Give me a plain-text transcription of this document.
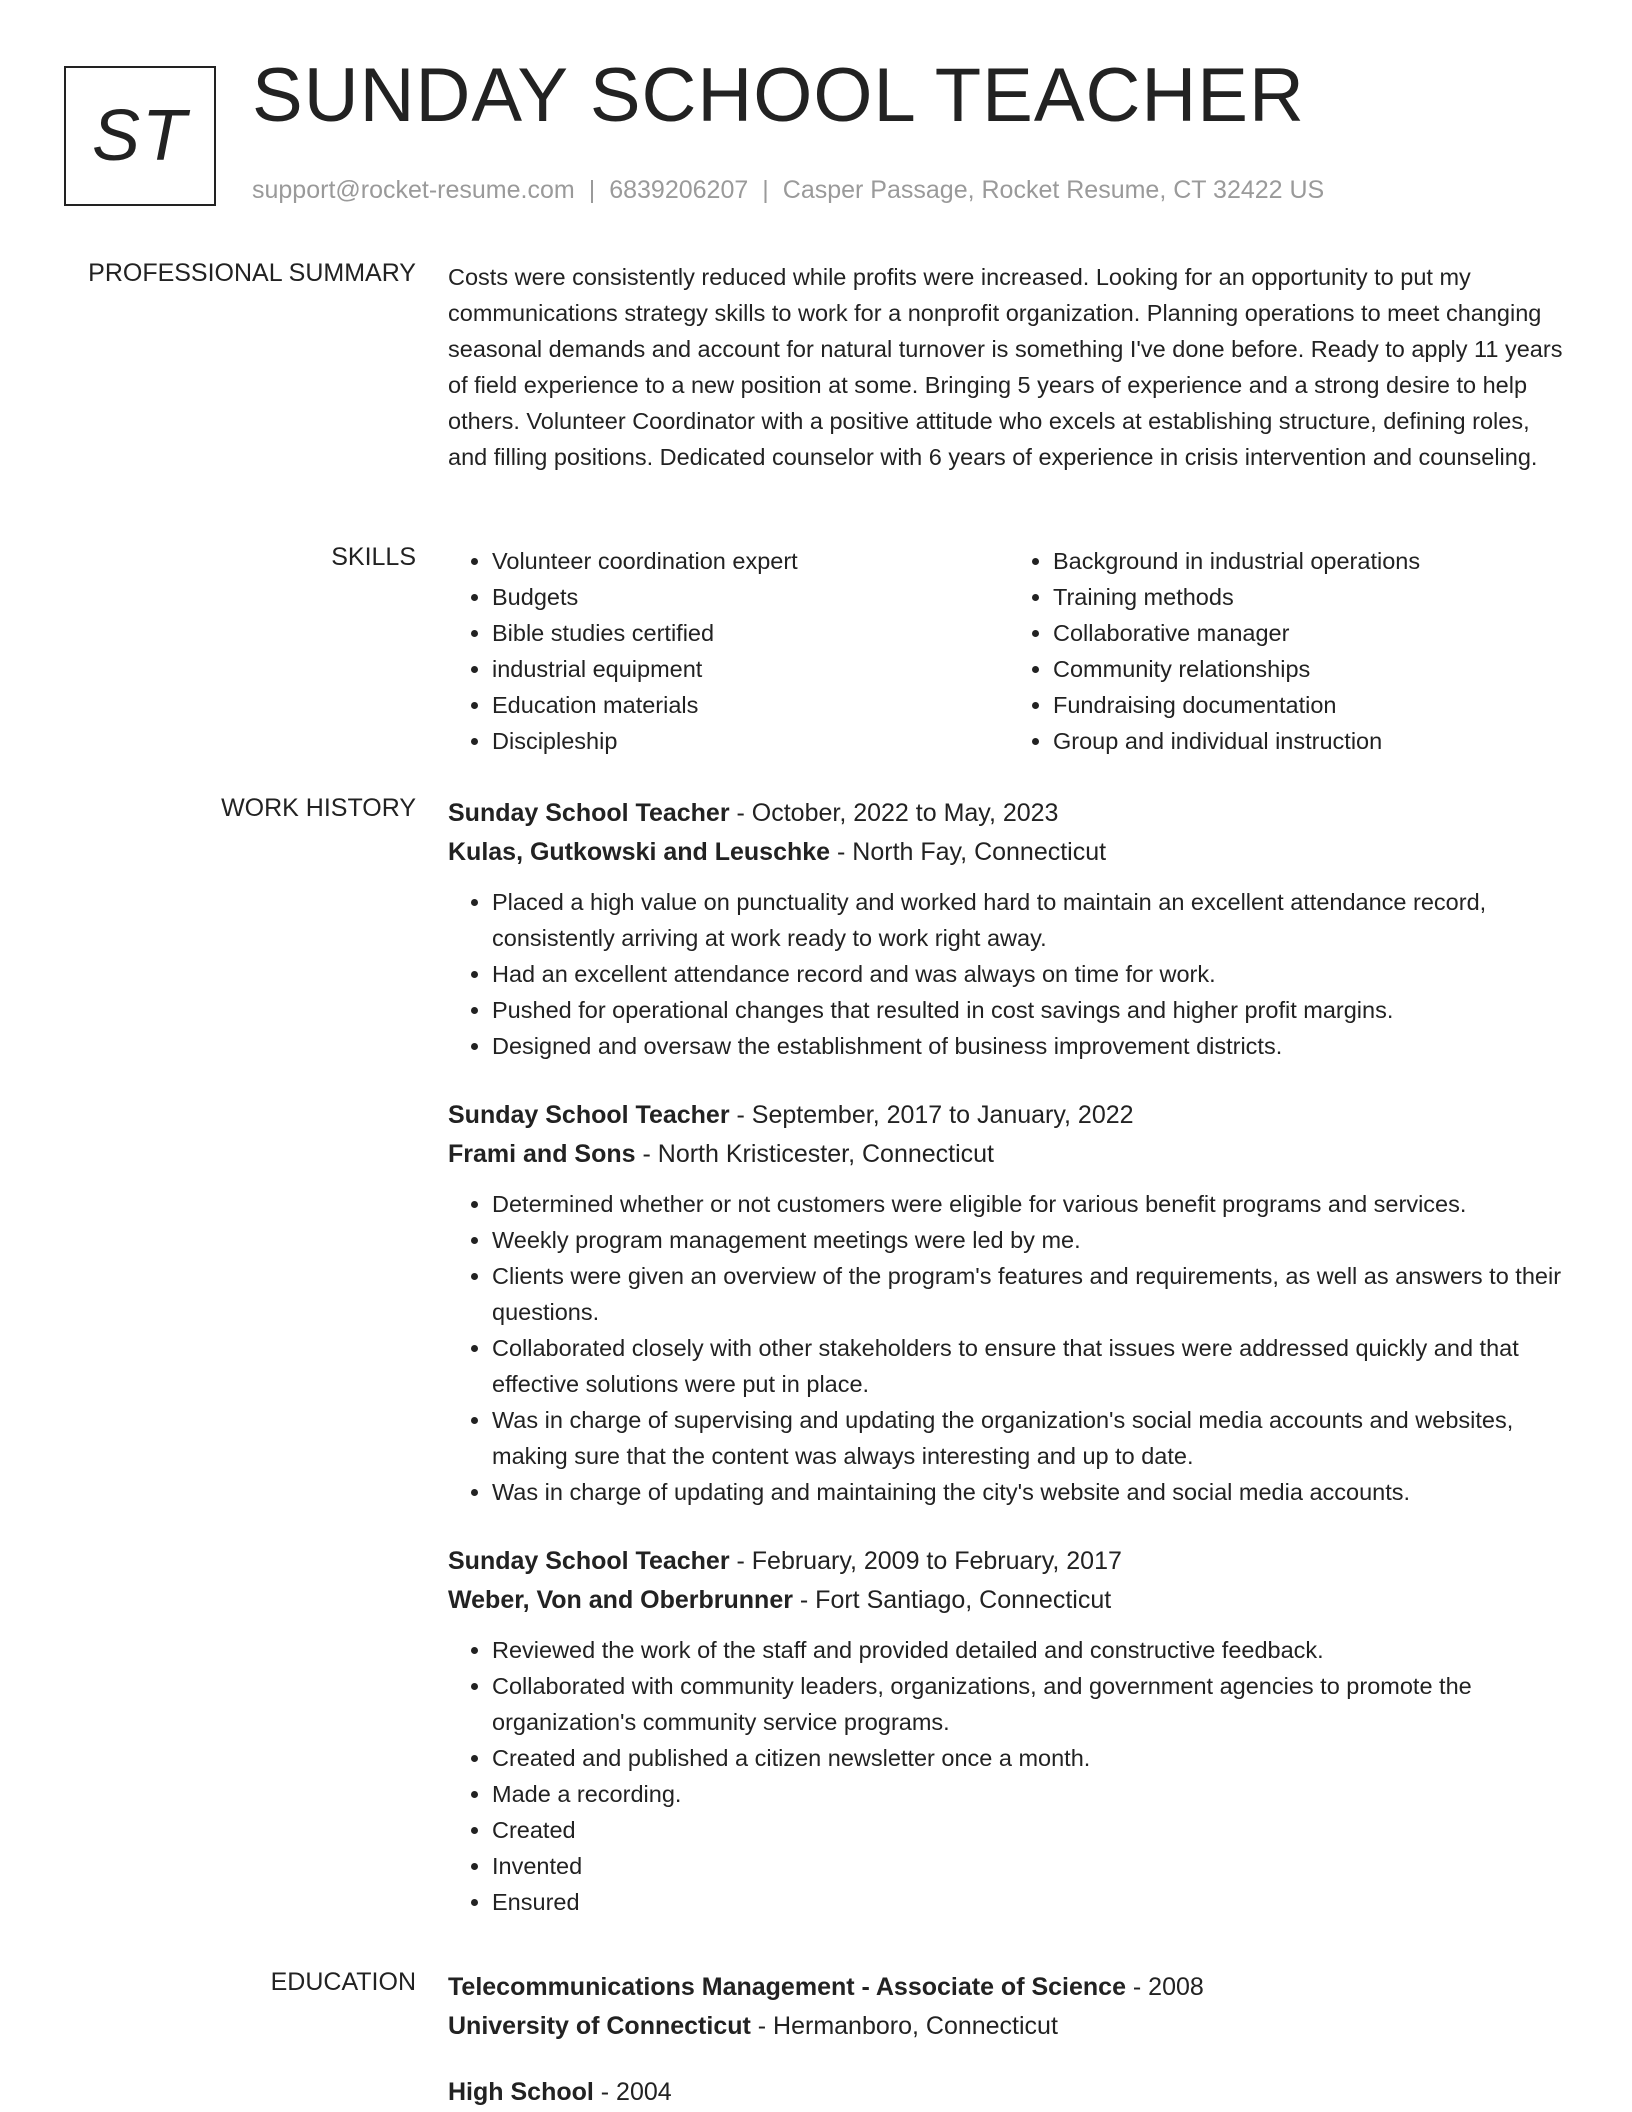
ST SUNDAY SCHOOL TEACHER
support@rocket-resume.com | 6839206207 | Casper Passage, Rocket Resume, CT 32422 US
PROFESSIONAL SUMMARY Costs were consistently reduced while profits were increased. Looking for an opportunity to put my communications strategy skills to work for a nonprofit organization. Planning operations to meet changing seasonal demands and account for natural turnover is something I've done before. Ready to apply 11 years of field experience to a new position at some. Bringing 5 years of experience and a strong desire to help others. Volunteer Coordinator with a positive attitude who excels at establishing structure, defining roles, and filling positions. Dedicated counselor with 6 years of experience in crisis intervention and counseling.

SKILLS
•	Volunteer coordination expert
• Budgets
• Bible studies certified
• industrial equipment
• Education materials
• Discipleship
• Background in industrial operations
• Training methods
• Collaborative manager
• Community relationships
• Fundraising documentation
• Group and individual instruction
WORK HISTORY Sunday School Teacher - October, 2022 to May, 2023
Kulas, Gutkowski and Leuschke - North Fay, Connecticut
• Placed a high value on punctuality and worked hard to maintain an excellent attendance record, consistently arriving at work ready to work right away.
• Had an excellent attendance record and was always on time for work.
• Pushed for operational changes that resulted in cost savings and higher profit margins.
• Designed and oversaw the establishment of business improvement districts.
Sunday School Teacher - September, 2017 to January, 2022
Frami and Sons - North Kristicester, Connecticut
• Determined whether or not customers were eligible for various benefit programs and services.
• Weekly program management meetings were led by me.
• Clients were given an overview of the program's features and requirements, as well as answers to their questions.
• Collaborated closely with other stakeholders to ensure that issues were addressed quickly and that effective solutions were put in place.
• Was in charge of supervising and updating the organization's social media accounts and websites, making sure that the content was always interesting and up to date.
• Was in charge of updating and maintaining the city's website and social media accounts.
Sunday School Teacher - February, 2009 to February, 2017
Weber, Von and Oberbrunner - Fort Santiago, Connecticut
• Reviewed the work of the staff and provided detailed and constructive feedback.
• Collaborated with community leaders, organizations, and government agencies to promote the organization's community service programs.
• Created and published a citizen newsletter once a month.
• Made a recording.
• Created
• Invented
• Ensured
EDUCATION Telecommunications Management - Associate of Science - 2008
University of Connecticut - Hermanboro, Connecticut
High School - 2004
